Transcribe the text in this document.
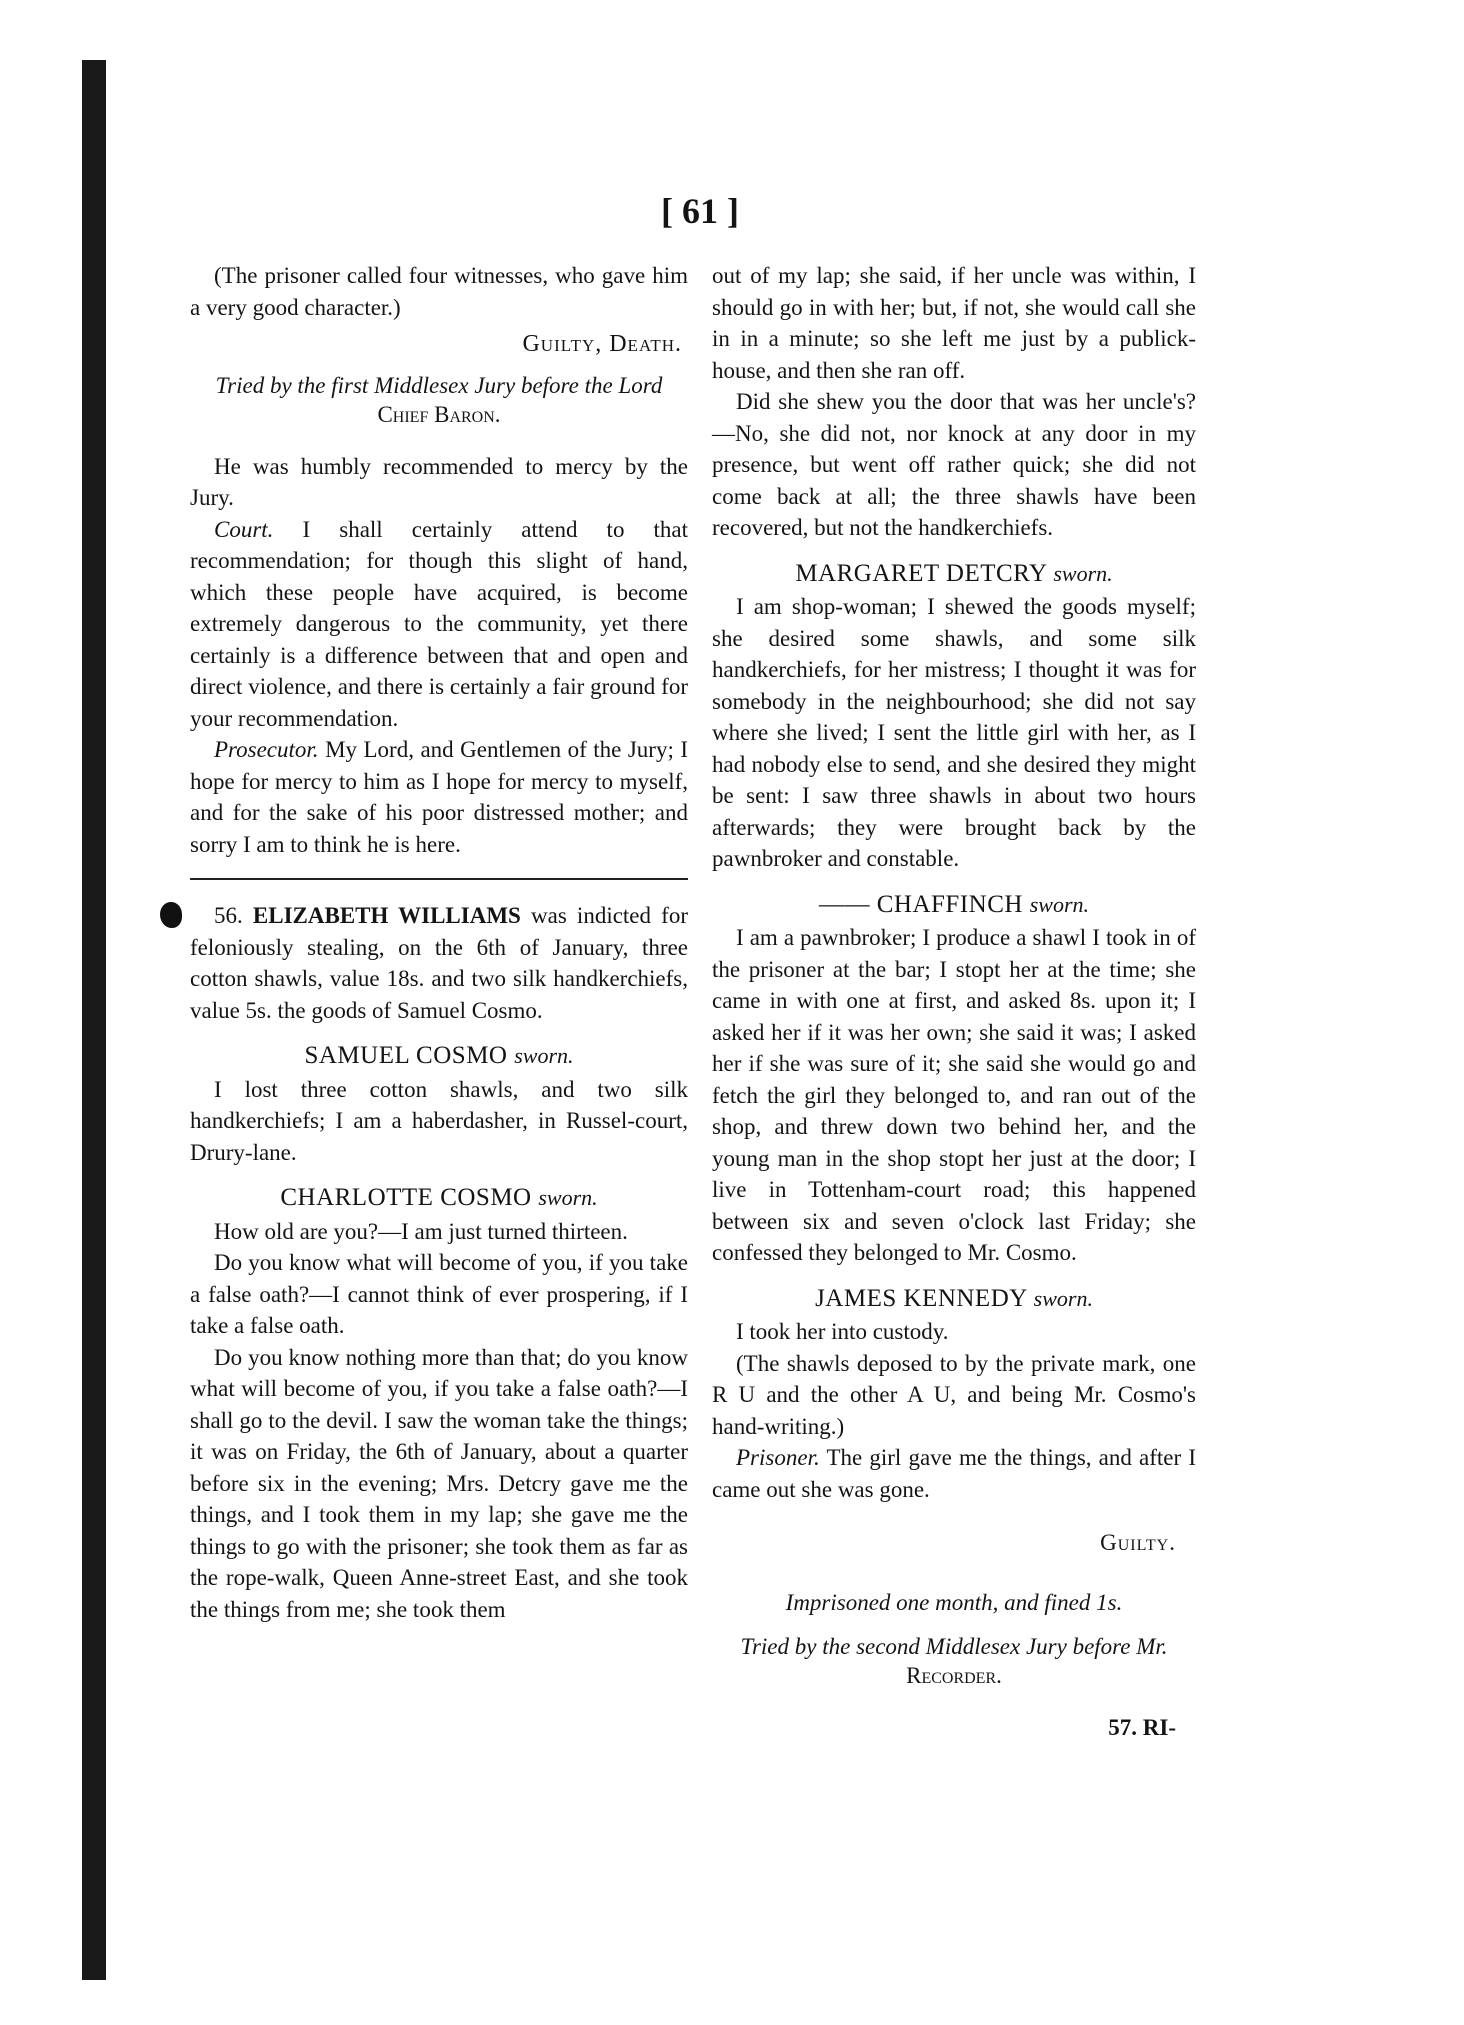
[ 61 ]

(The prisoner called four witnesses, who gave him a very good character.)

Guilty, Death.
Tried by the first Middlesex Jury before the Lord Chief Baron.

He was humbly recommended to mercy by the Jury.

Court. I shall certainly attend to that recommendation; for though this slight of hand, which these people have acquired, is become extremely dangerous to the community, yet there certainly is a difference between that and open and direct violence, and there is certainly a fair ground for your recommendation.

Prosecutor. My Lord, and Gentlemen of the Jury; I hope for mercy to him as I hope for mercy to myself, and for the sake of his poor distressed mother; and sorry I am to think he is here.

56. ELIZABETH WILLIAMS was indicted for feloniously stealing, on the 6th of January, three cotton shawls, value 18s. and two silk handkerchiefs, value 5s. the goods of Samuel Cosmo.

SAMUEL COSMO sworn.

I lost three cotton shawls, and two silk handkerchiefs; I am a haberdasher, in Russel-court, Drury-lane.

CHARLOTTE COSMO sworn.

How old are you?—I am just turned thirteen.

Do you know what will become of you, if you take a false oath?—I cannot think of ever prospering, if I take a false oath.

Do you know nothing more than that; do you know what will become of you, if you take a false oath?—I shall go to the devil. I saw the woman take the things; it was on Friday, the 6th of January, about a quarter before six in the evening; Mrs. Detcry gave me the things, and I took them in my lap; she gave me the things to go with the prisoner; she took them as far as the rope-walk, Queen Anne-street East, and she took the things from me; she took them

out of my lap; she said, if her uncle was within, I should go in with her; but, if not, she would call she in in a minute; so she left me just by a publick-house, and then she ran off.

Did she shew you the door that was her uncle's?—No, she did not, nor knock at any door in my presence, but went off rather quick; she did not come back at all; the three shawls have been recovered, but not the handkerchiefs.

MARGARET DETCRY sworn.

I am shop-woman; I shewed the goods myself; she desired some shawls, and some silk handkerchiefs, for her mistress; I thought it was for somebody in the neighbourhood; she did not say where she lived; I sent the little girl with her, as I had nobody else to send, and she desired they might be sent: I saw three shawls in about two hours afterwards; they were brought back by the pawnbroker and constable.

—— CHAFFINCH sworn.

I am a pawnbroker; I produce a shawl I took in of the prisoner at the bar; I stopt her at the time; she came in with one at first, and asked 8s. upon it; I asked her if it was her own; she said it was; I asked her if she was sure of it; she said she would go and fetch the girl they belonged to, and ran out of the shop, and threw down two behind her, and the young man in the shop stopt her just at the door; I live in Tottenham-court road; this happened between six and seven o'clock last Friday; she confessed they belonged to Mr. Cosmo.

JAMES KENNEDY sworn.

I took her into custody.

(The shawls deposed to by the private mark, one R U and the other A U, and being Mr. Cosmo's hand-writing.)

Prisoner. The girl gave me the things, and after I came out she was gone.

Guilty.
Imprisoned one month, and fined 1s.
Tried by the second Middlesex Jury before Mr. Recorder.
57. RI-
